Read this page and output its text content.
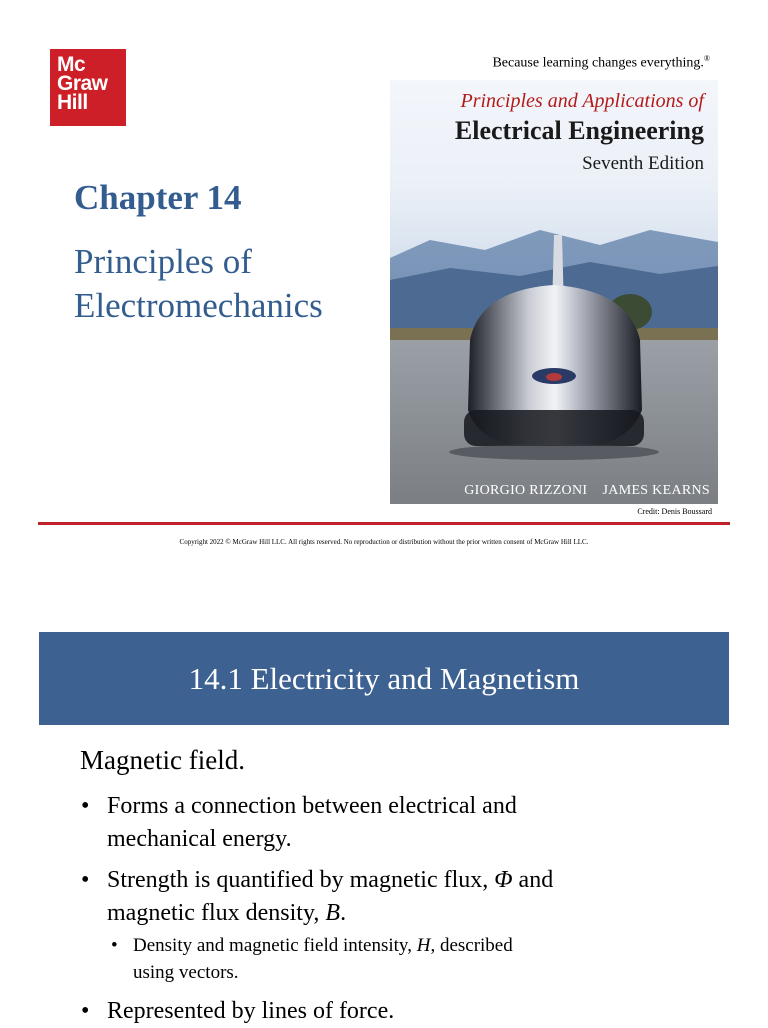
Mc
Graw
Hill
Because learning changes everything.®
Chapter 14
Principles of
Electromechanics
Principles and Applications of
Electrical Engineering
Seventh Edition
GIORGIO RIZZONI    JAMES KEARNS
Credit: Denis Boussard
Copyright 2022 © McGraw Hill LLC. All rights reserved. No reproduction or distribution without the prior written consent of McGraw Hill LLC.
14.1 Electricity and Magnetism
Magnetic field.
• Forms a connection between electrical and
mechanical energy.
• Strength is quantified by magnetic flux, Φ and
magnetic flux density, B.
• Density and magnetic field intensity, H, described
using vectors.
• Represented by lines of force.
